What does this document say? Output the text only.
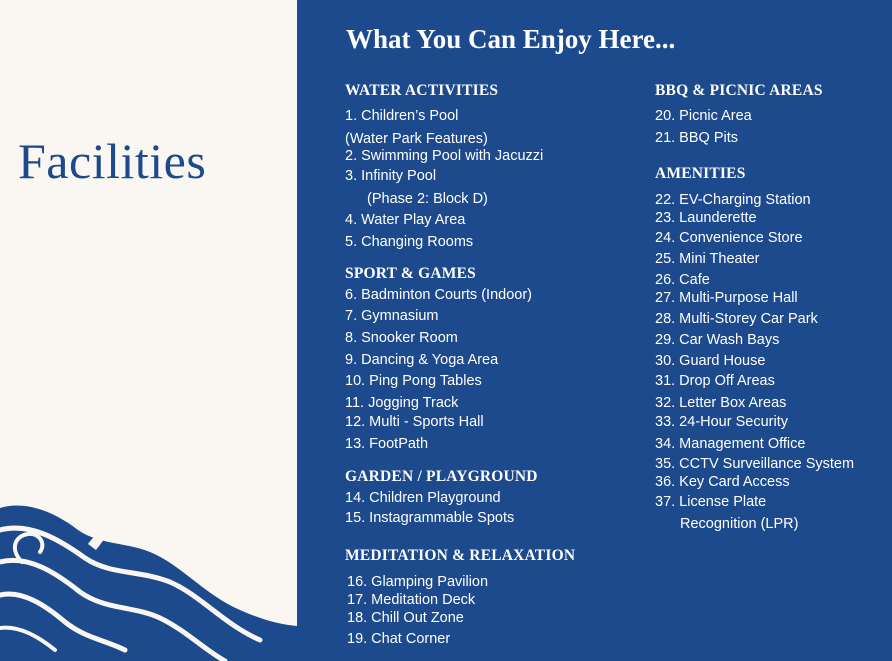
Facilities
What You Can Enjoy Here...
WATER ACTIVITIES
1. Children’s Pool
(Water Park Features)
2. Swimming Pool with Jacuzzi
3. Infinity Pool
(Phase 2: Block D)
4. Water Play Area
5. Changing Rooms
SPORT & GAMES
6. Badminton Courts (Indoor)
7. Gymnasium
8. Snooker Room
9. Dancing & Yoga Area
10. Ping Pong Tables
11. Jogging Track
12. Multi - Sports Hall
13. FootPath
GARDEN / PLAYGROUND
14. Children Playground
15. Instagrammable Spots
MEDITATION & RELAXATION
16. Glamping Pavilion
17. Meditation Deck
18. Chill Out Zone
19. Chat Corner
BBQ & PICNIC AREAS
20. Picnic Area
21. BBQ Pits
AMENITIES
22. EV-Charging Station
23. Launderette
24. Convenience Store
25. Mini Theater
26. Cafe
27. Multi-Purpose Hall
28. Multi-Storey Car Park
29. Car Wash Bays
30. Guard House
31. Drop Off Areas
32. Letter Box Areas
33. 24-Hour Security
34. Management Office
35. CCTV Surveillance System
36. Key Card Access
37. License Plate
Recognition (LPR)
